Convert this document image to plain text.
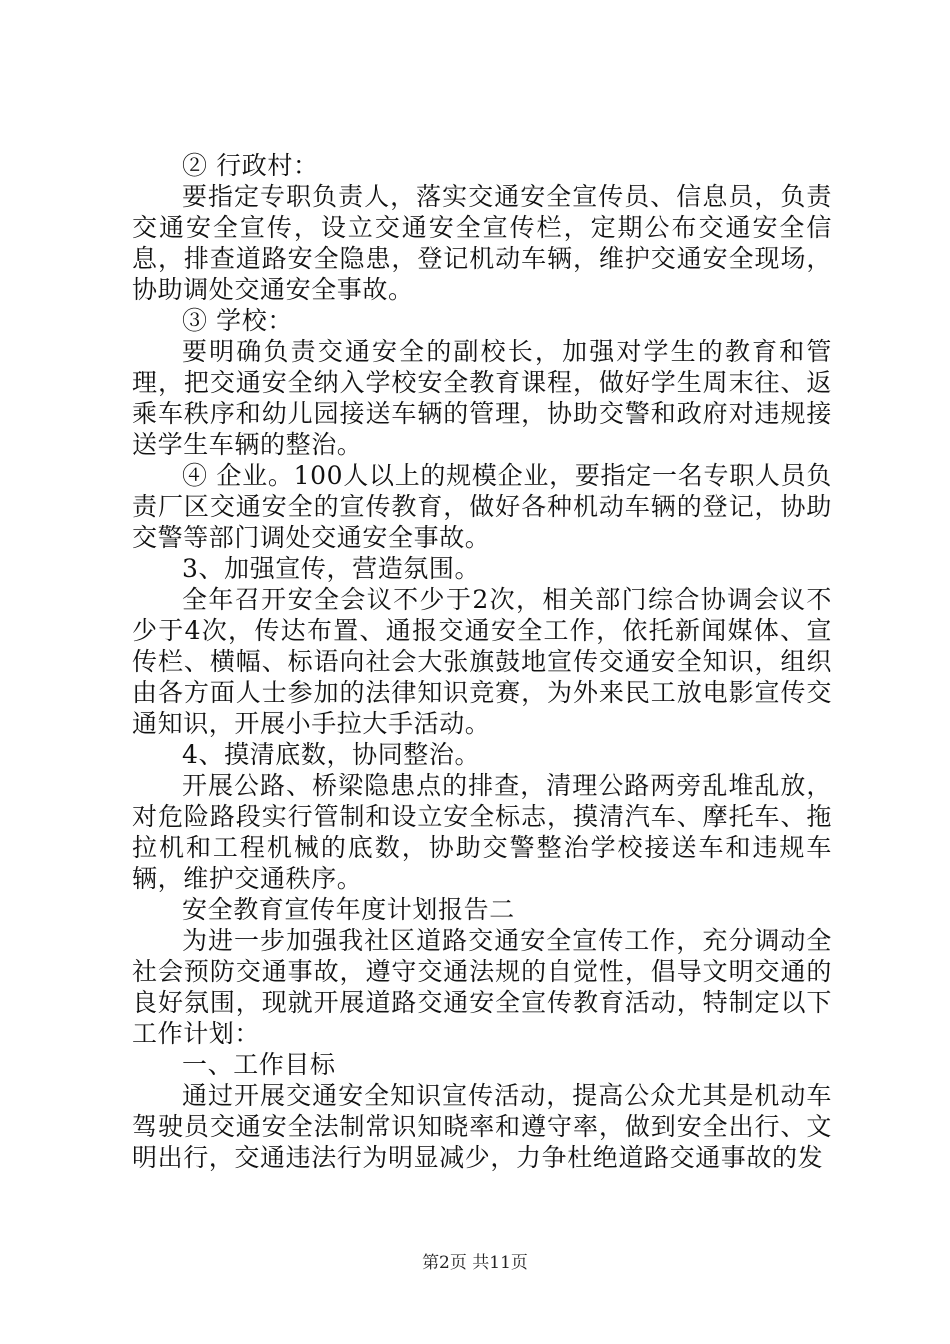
② 行政村：

要指定专职负责人，落实交通安全宣传员、信息员，负责交通安全宣传，设立交通安全宣传栏，定期公布交通安全信息，排查道路安全隐患，登记机动车辆，维护交通安全现场，协助调处交通安全事故。

③ 学校：

要明确负责交通安全的副校长，加强对学生的教育和管理，把交通安全纳入学校安全教育课程，做好学生周末往、返乘车秩序和幼儿园接送车辆的管理，协助交警和政府对违规接送学生车辆的整治。

④ 企业。100人以上的规模企业，要指定一名专职人员负责厂区交通安全的宣传教育，做好各种机动车辆的登记，协助交警等部门调处交通安全事故。

3、加强宣传，营造氛围。

全年召开安全会议不少于2次，相关部门综合协调会议不少于4次，传达布置、通报交通安全工作，依托新闻媒体、宣传栏、横幅、标语向社会大张旗鼓地宣传交通安全知识，组织由各方面人士参加的法律知识竞赛，为外来民工放电影宣传交通知识，开展小手拉大手活动。

4、摸清底数，协同整治。

开展公路、桥梁隐患点的排查，清理公路两旁乱堆乱放，对危险路段实行管制和设立安全标志，摸清汽车、摩托车、拖拉机和工程机械的底数，协助交警整治学校接送车和违规车辆，维护交通秩序。

安全教育宣传年度计划报告二

为进一步加强我社区道路交通安全宣传工作，充分调动全社会预防交通事故，遵守交通法规的自觉性，倡导文明交通的良好氛围，现就开展道路交通安全宣传教育活动，特制定以下工作计划：

一、工作目标

通过开展交通安全知识宣传活动，提高公众尤其是机动车驾驶员交通安全法制常识知晓率和遵守率，做到安全出行、文明出行，交通违法行为明显减少，力争杜绝道路交通事故的发

第2页 共11页
